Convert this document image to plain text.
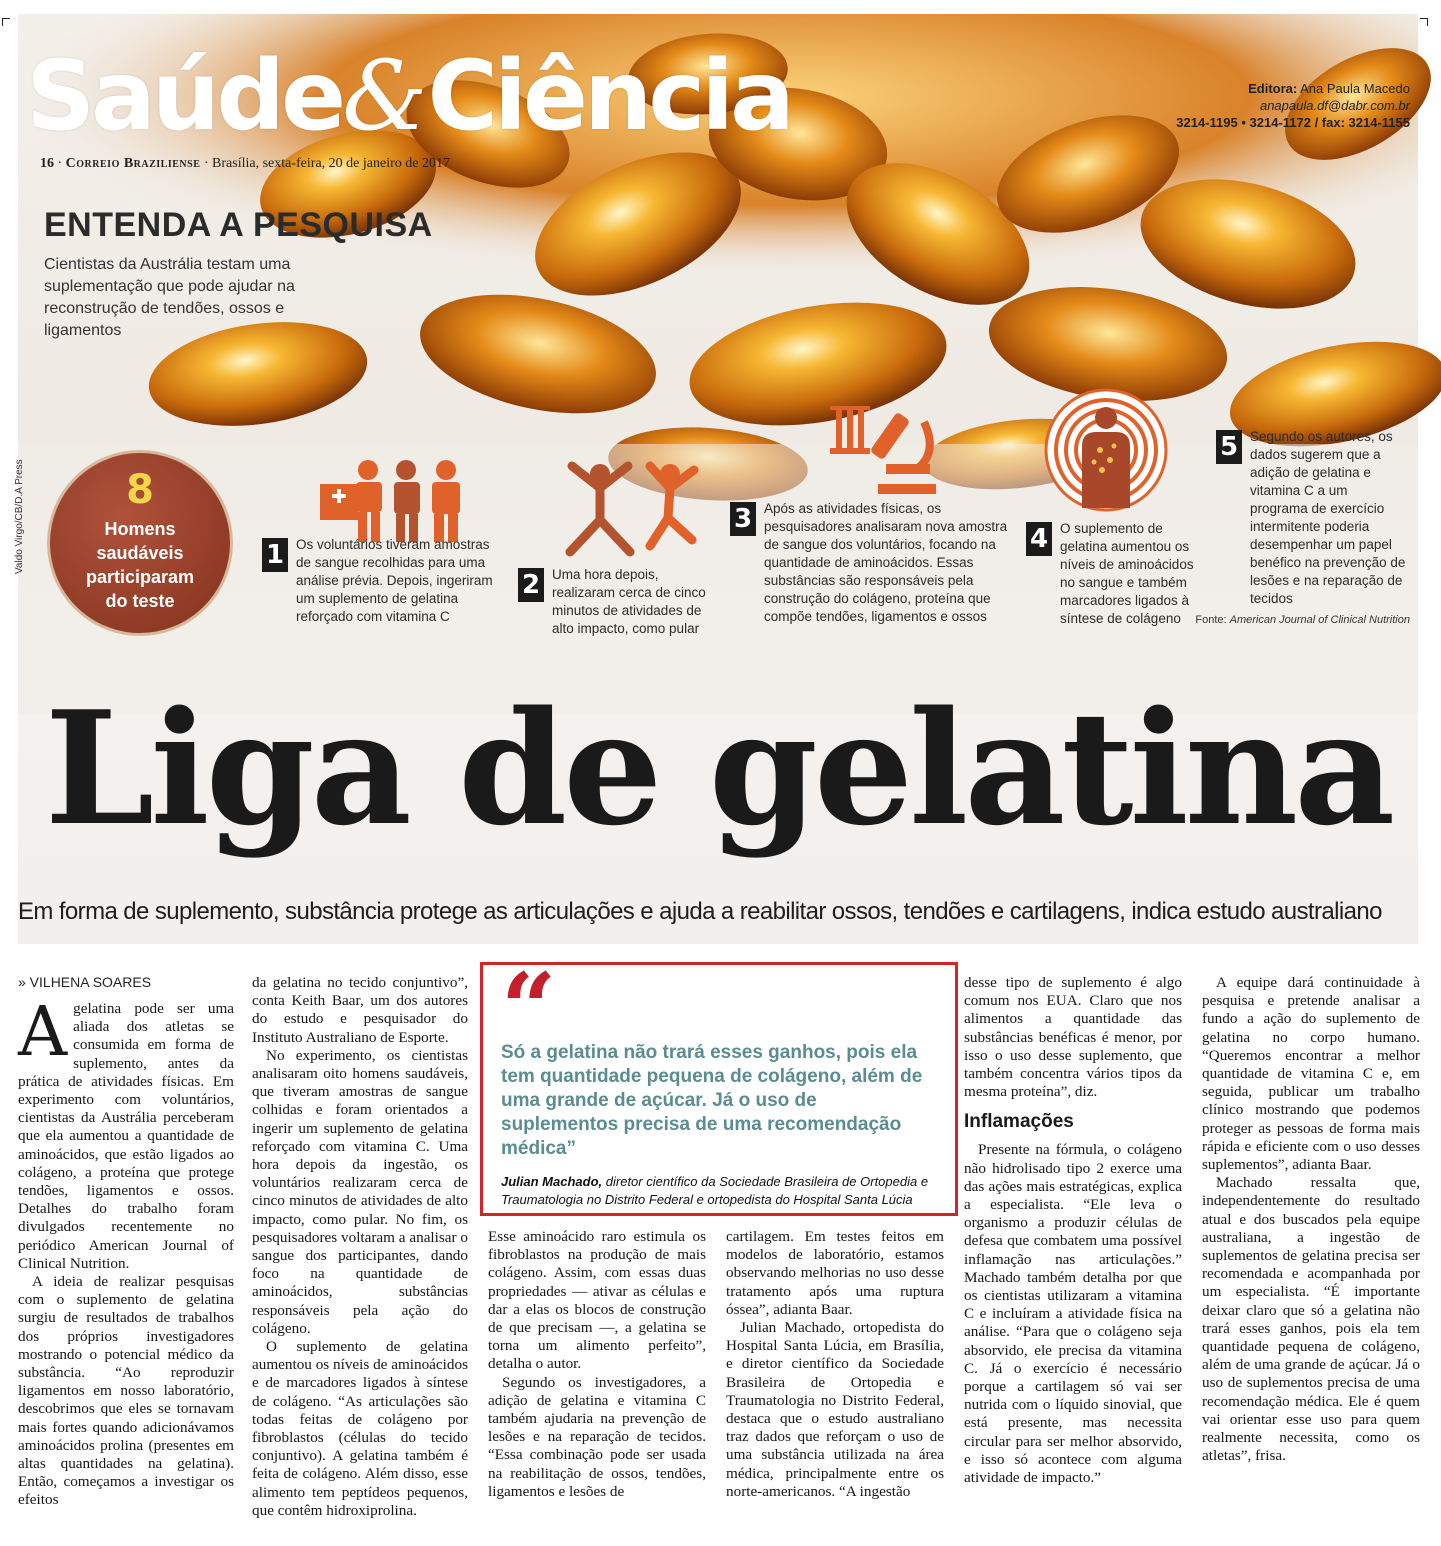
Saúde&Ciência
16 · Correio Braziliense · Brasília, sexta-feira, 20 de janeiro de 2017
Editora: Ana Paula Macedo
anapaula.df@dabr.com.br
3214-1195 • 3214-1172 / fax: 3214-1155
ENTENDA A PESQUISA
Cientistas da Austrália testam uma suplementação que pode ajudar na reconstrução de tendões, ossos e ligamentos
8
Homens saudáveis participaram do teste
Valdo Virgo/CB/D.A Press	1 Os voluntários tiveram amostras de sangue recolhidas para uma análise prévia. Depois, ingeriram um suplemento de gelatina reforçado com vitamina C
2 Uma hora depois, realizaram cerca de cinco minutos de atividades de alto impacto, como pular
3 Após as atividades físicas, os pesquisadores analisaram nova amostra de sangue dos voluntários, focando na quantidade de aminoácidos. Essas substâncias são responsáveis pela construção do colágeno, proteína que compõe tendões, ligamentos e ossos
4 O suplemento de gelatina aumentou os níveis de aminoácidos no sangue e também marcadores ligados à síntese de colágeno
5 Segundo os autores, os dados sugerem que a adição de gelatina e vitamina C a um programa de exercício intermitente poderia desempenhar um papel benéfico na prevenção de lesões e na reparação de tecidos
Fonte: American Journal of Clinical Nutrition
Liga de gelatina
Em forma de suplemento, substância protege as articulações e ajuda a reabilitar ossos, tendões e cartilagens, indica estudo australiano
» VILHENA SOARES

Agelatina pode ser uma aliada dos atletas se consumida em forma de suplemento, antes da prática de atividades físicas. Em experimento com voluntários, cientistas da Austrália perceberam que ela aumentou a quantidade de aminoácidos, que estão ligados ao colágeno, a proteína que protege tendões, ligamentos e ossos. Detalhes do trabalho foram divulgados recentemente no periódico American Journal of Clinical Nutrition.

A ideia de realizar pesquisas com o suplemento de gelatina surgiu de resultados de trabalhos dos próprios investigadores mostrando o potencial médico da substância. “Ao reproduzir ligamentos em nosso laboratório, descobrimos que eles se tornavam mais fortes quando adicionávamos aminoácidos prolina (presentes em altas quantidades na gelatina). Então, começamos a investigar os efeitos

da gelatina no tecido conjuntivo”, conta Keith Baar, um dos autores do estudo e pesquisador do Instituto Australiano de Esporte.

No experimento, os cientistas analisaram oito homens saudáveis, que tiveram amostras de sangue colhidas e foram orientados a ingerir um suplemento de gelatina reforçado com vitamina C. Uma hora depois da ingestão, os voluntários realizaram cerca de cinco minutos de atividades de alto impacto, como pular. No fim, os pesquisadores voltaram a analisar o sangue dos participantes, dando foco na quantidade de aminoácidos, substâncias responsáveis pela ação do colágeno.

O suplemento de gelatina aumentou os níveis de aminoácidos e de marcadores ligados à síntese de colágeno. “As articulações são todas feitas de colágeno por fibroblastos (células do tecido conjuntivo). A gelatina também é feita de colágeno. Além disso, esse alimento tem peptídeos pequenos, que contêm hidroxiprolina.

“
Só a gelatina não trará esses ganhos, pois ela tem quantidade pequena de colágeno, além de uma grande de açúcar. Já o uso de suplementos precisa de uma recomendação médica”
Julian Machado, diretor científico da Sociedade Brasileira de Ortopedia e Traumatologia no Distrito Federal e ortopedista do Hospital Santa Lúcia

Esse aminoácido raro estimula os fibroblastos na produção de mais colágeno. Assim, com essas duas propriedades — ativar as células e dar a elas os blocos de construção de que precisam —, a gelatina se torna um alimento perfeito”, detalha o autor.

Segundo os investigadores, a adição de gelatina e vitamina C também ajudaria na prevenção de lesões e na reparação de tecidos. “Essa combinação pode ser usada na reabilitação de ossos, tendões, ligamentos e lesões de

cartilagem. Em testes feitos em modelos de laboratório, estamos observando melhorias no uso desse tratamento após uma ruptura óssea”, adianta Baar.

Julian Machado, ortopedista do Hospital Santa Lúcia, em Brasília, e diretor científico da Sociedade Brasileira de Ortopedia e Traumatologia no Distrito Federal, destaca que o estudo australiano traz dados que reforçam o uso de uma substância utilizada na área médica, principalmente entre os norte-americanos. “A ingestão

desse tipo de suplemento é algo comum nos EUA. Claro que nos alimentos a quantidade das substâncias benéficas é menor, por isso o uso desse suplemento, que também concentra vários tipos da mesma proteína”, diz.

Inflamações

Presente na fórmula, o colágeno não hidrolisado tipo 2 exerce uma das ações mais estratégicas, explica a especialista. “Ele leva o organismo a produzir células de defesa que combatem uma possível inflamação nas articulações.” Machado também detalha por que os cientistas utilizaram a vitamina C e incluíram a atividade física na análise. “Para que o colágeno seja absorvido, ele precisa da vitamina C. Já o exercício é necessário porque a cartilagem só vai ser nutrida com o líquido sinovial, que está presente, mas necessita circular para ser melhor absorvido, e isso só acontece com alguma atividade de impacto.”

A equipe dará continuidade à pesquisa e pretende analisar a fundo a ação do suplemento de gelatina no corpo humano. “Queremos encontrar a melhor quantidade de vitamina C e, em seguida, publicar um trabalho clínico mostrando que podemos proteger as pessoas de forma mais rápida e eficiente com o uso desses suplementos”, adianta Baar.

Machado ressalta que, independentemente do resultado atual e dos buscados pela equipe australiana, a ingestão de suplementos de gelatina precisa ser recomendada e acompanhada por um especialista. “É importante deixar claro que só a gelatina não trará esses ganhos, pois ela tem quantidade pequena de colágeno, além de uma grande de açúcar. Já o uso de suplementos precisa de uma recomendação médica. Ele é quem vai orientar esse uso para quem realmente necessita, como os atletas”, frisa.
